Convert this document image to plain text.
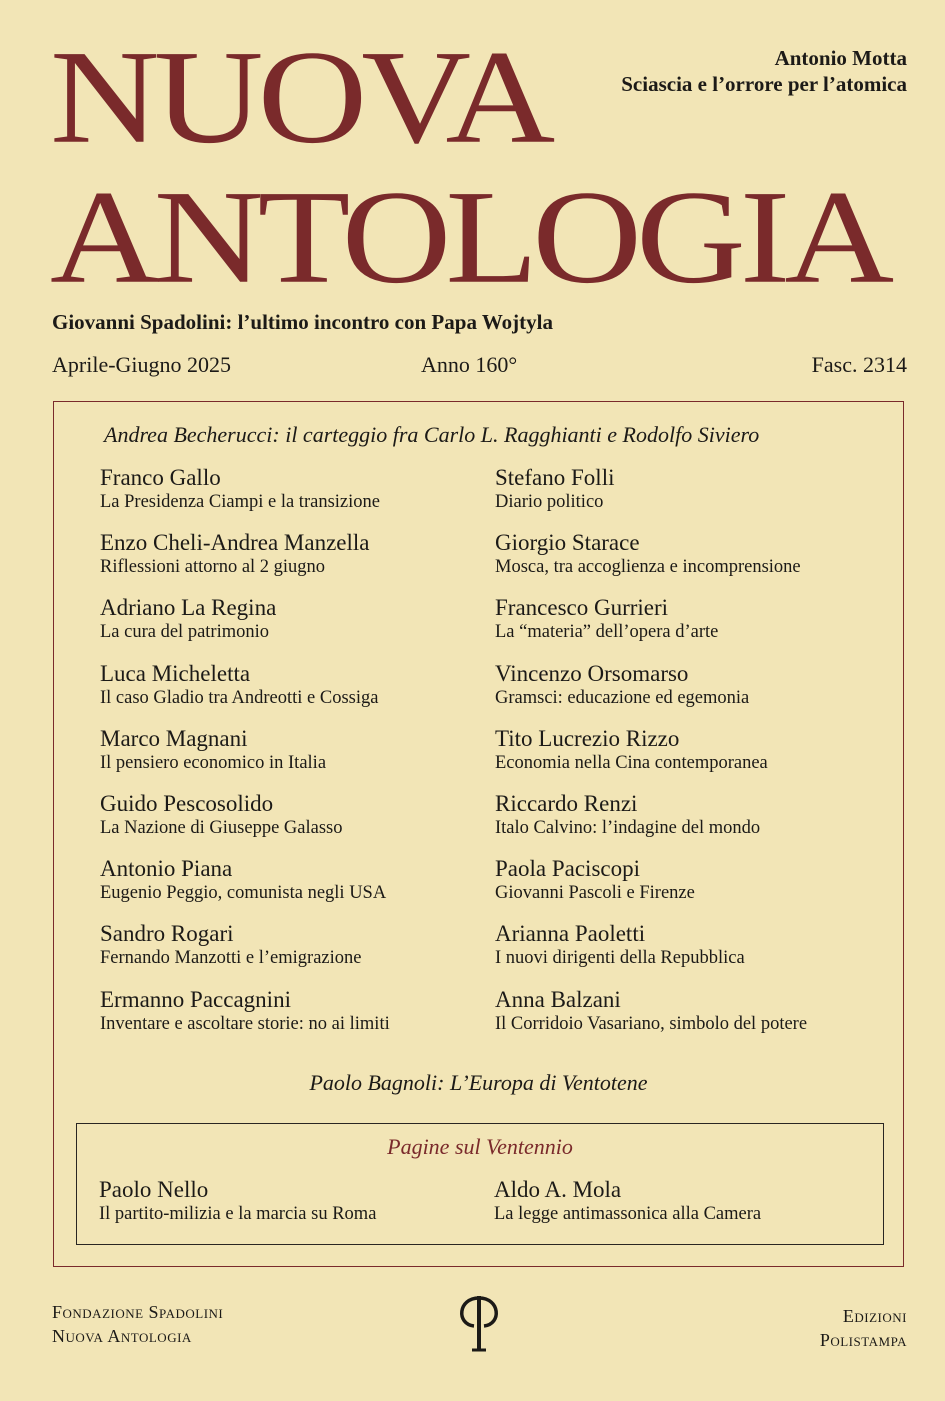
NUOVA
ANTOLOGIA
Antonio Motta
Sciascia e l’orrore per l’atomica
Giovanni Spadolini: l’ultimo incontro con Papa Wojtyla
Aprile-Giugno 2025	Anno 160°	Fasc. 2314
Andrea Becherucci: il carteggio fra Carlo L. Ragghianti e Rodolfo Siviero
Franco Gallo
La Presidenza Ciampi e la transizione
Enzo Cheli-Andrea Manzella
Riflessioni attorno al 2 giugno
Adriano La Regina
La cura del patrimonio
Luca Micheletta
Il caso Gladio tra Andreotti e Cossiga
Marco Magnani
Il pensiero economico in Italia
Guido Pescosolido
La Nazione di Giuseppe Galasso
Antonio Piana
Eugenio Peggio, comunista negli USA
Sandro Rogari
Fernando Manzotti e l’emigrazione
Ermanno Paccagnini
Inventare e ascoltare storie: no ai limiti
Stefano Folli
Diario politico
Giorgio Starace
Mosca, tra accoglienza e incomprensione
Francesco Gurrieri
La “materia” dell’opera d’arte
Vincenzo Orsomarso
Gramsci: educazione ed egemonia
Tito Lucrezio Rizzo
Economia nella Cina contemporanea
Riccardo Renzi
Italo Calvino: l’indagine del mondo
Paola Paciscopi
Giovanni Pascoli e Firenze
Arianna Paoletti
I nuovi dirigenti della Repubblica
Anna Balzani
Il Corridoio Vasariano, simbolo del potere
Paolo Bagnoli: L’Europa di Ventotene
Pagine sul Ventennio
Paolo Nello
Il partito-milizia e la marcia su Roma
Aldo A. Mola
La legge antimassonica alla Camera
Fondazione Spadolini
Nuova Antologia
Edizioni
Polistampa
